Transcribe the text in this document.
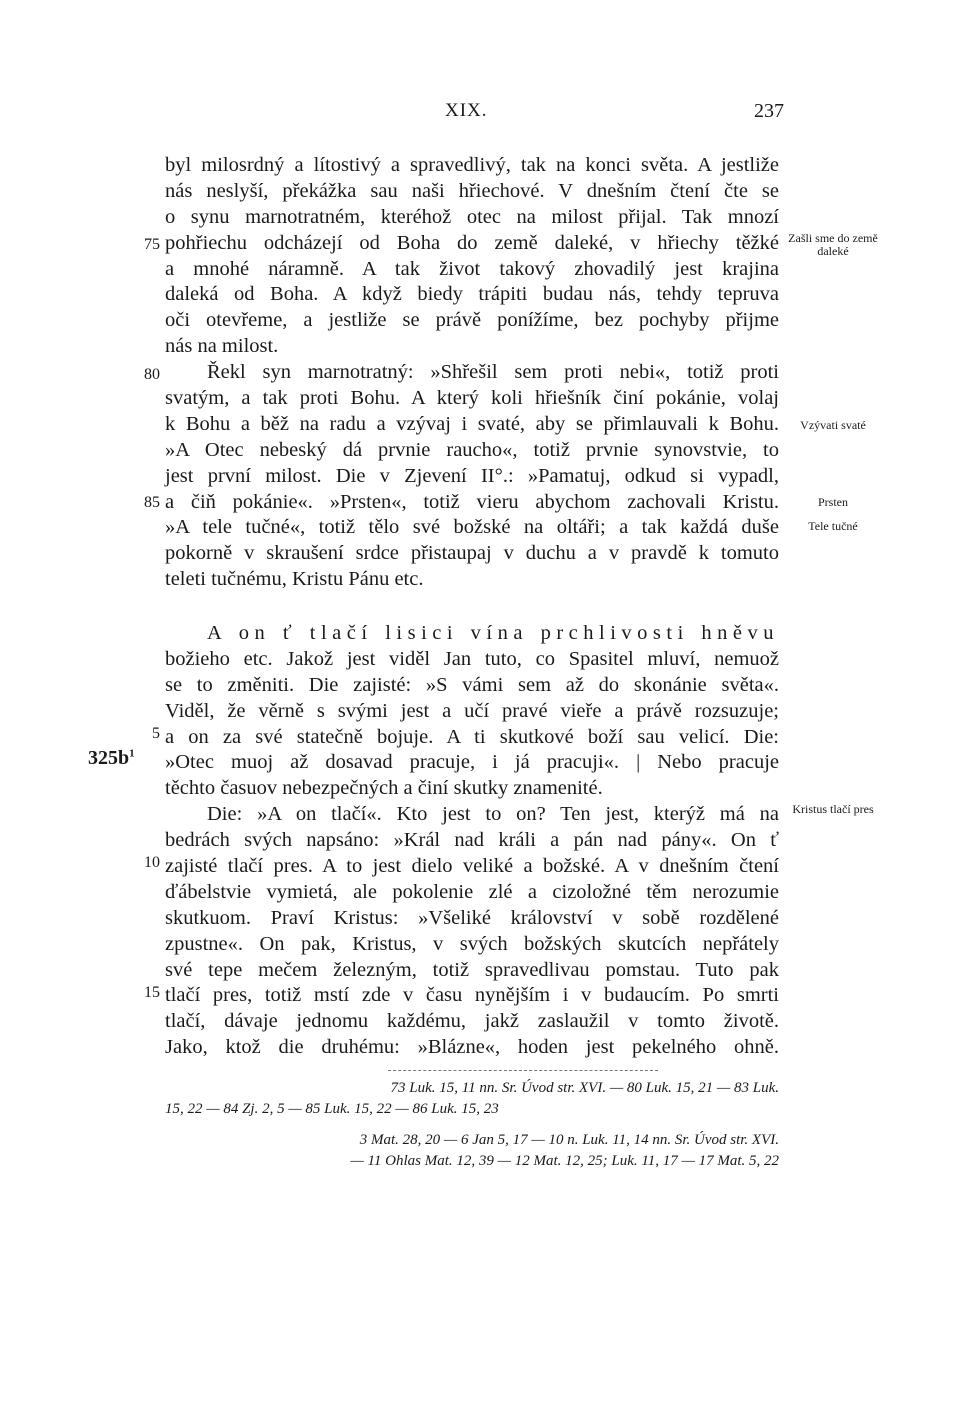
XIX.	237
byl milosrdný a lítostivý a spravedlivý, tak na konci světa. A jestliže
nás neslyší, překážka sau naši hřiechové. V dnešním čtení čte se
o synu marnotratném, kteréhož otec na milost přijal. Tak mnozí
pohřiechu odcházejí od Boha do země daleké, v hřiechy těžké
a mnohé náramně. A tak život takový zhovadilý jest krajina
daleká od Boha. A když biedy trápiti budau nás, tehdy tepruva
oči otevřeme, a jestliže se právě ponížíme, bez pochyby přijme
nás na milost.
Řekl syn marnotratný: »Shřešil sem proti nebi«, totiž proti
svatým, a tak proti Bohu. A který koli hřiešník činí pokánie, volaj
k Bohu a běž na radu a vzývaj i svaté, aby se přimlauvali k Bohu.
»A Otec nebeský dá prvnie raucho«, totiž prvnie synovstvie, to
jest první milost. Die v Zjevení II°.: »Pamatuj, odkud si vypadl,
a čiň pokánie«. »Prsten«, totiž vieru abychom zachovali Kristu.
»A tele tučné«, totiž tělo své božské na oltáři; a tak každá duše
pokorně v skraušení srdce přistaupaj v duchu a v pravdě k tomuto
teleti tučnému, Kristu Pánu etc.
75
80
85
A on ť tlačí lisici vína prchlivosti hněvu
božieho etc. Jakož jest viděl Jan tuto, co Spasitel mluví, nemuož
se to změniti. Die zajisté: »S vámi sem až do skonánie světa«.
Viděl, že věrně s svými jest a učí pravé vieře a právě rozsuzuje;
a on za své statečně bojuje. A ti skutkové boží sau velicí. Die:
»Otec muoj až dosavad pracuje, i já pracuji«. | Nebo pracuje
těchto časuov nebezpečných a činí skutky znamenité.
Die: »A on tlačí«. Kto jest to on? Ten jest, kterýž má na
bedrách svých napsáno: »Král nad králi a pán nad pány«. On ť
zajisté tlačí pres. A to jest dielo veliké a božské. A v dnešním čtení
ďábelstvie vymietá, ale pokolenie zlé a cizoložné těm nerozumie
skutkuom. Praví Kristus: »Všeliké království v sobě rozdělené
zpustne«. On pak, Kristus, v svých božských skutcích nepřátely
své tepe mečem železným, totiž spravedlivau pomstau. Tuto pak
tlačí pres, totiž mstí zde v času nynějším i v budaucím. Po smrti
tlačí, dávaje jednomu každému, jakž zaslaužil v tomto životě.
Jako, ktož die druhému: »Blázne«, hoden jest pekelného ohně.
5
10
15
$325b^1$
Zašli sme do země daleké
Vzývati svaté
Prsten
Tele tučné
Kristus tlačí pres
73 Luk. 15, 11 nn. Sr. Úvod str. XVI. — 80 Luk. 15, 21 — 83 Luk.
15, 22 — 84 Zj. 2, 5 — 85 Luk. 15, 22 — 86 Luk. 15, 23
3 Mat. 28, 20 — 6 Jan 5, 17 — 10 n. Luk. 11, 14 nn. Sr. Úvod str. XVI.
— 11 Ohlas Mat. 12, 39 — 12 Mat. 12, 25; Luk. 11, 17 — 17 Mat. 5, 22
